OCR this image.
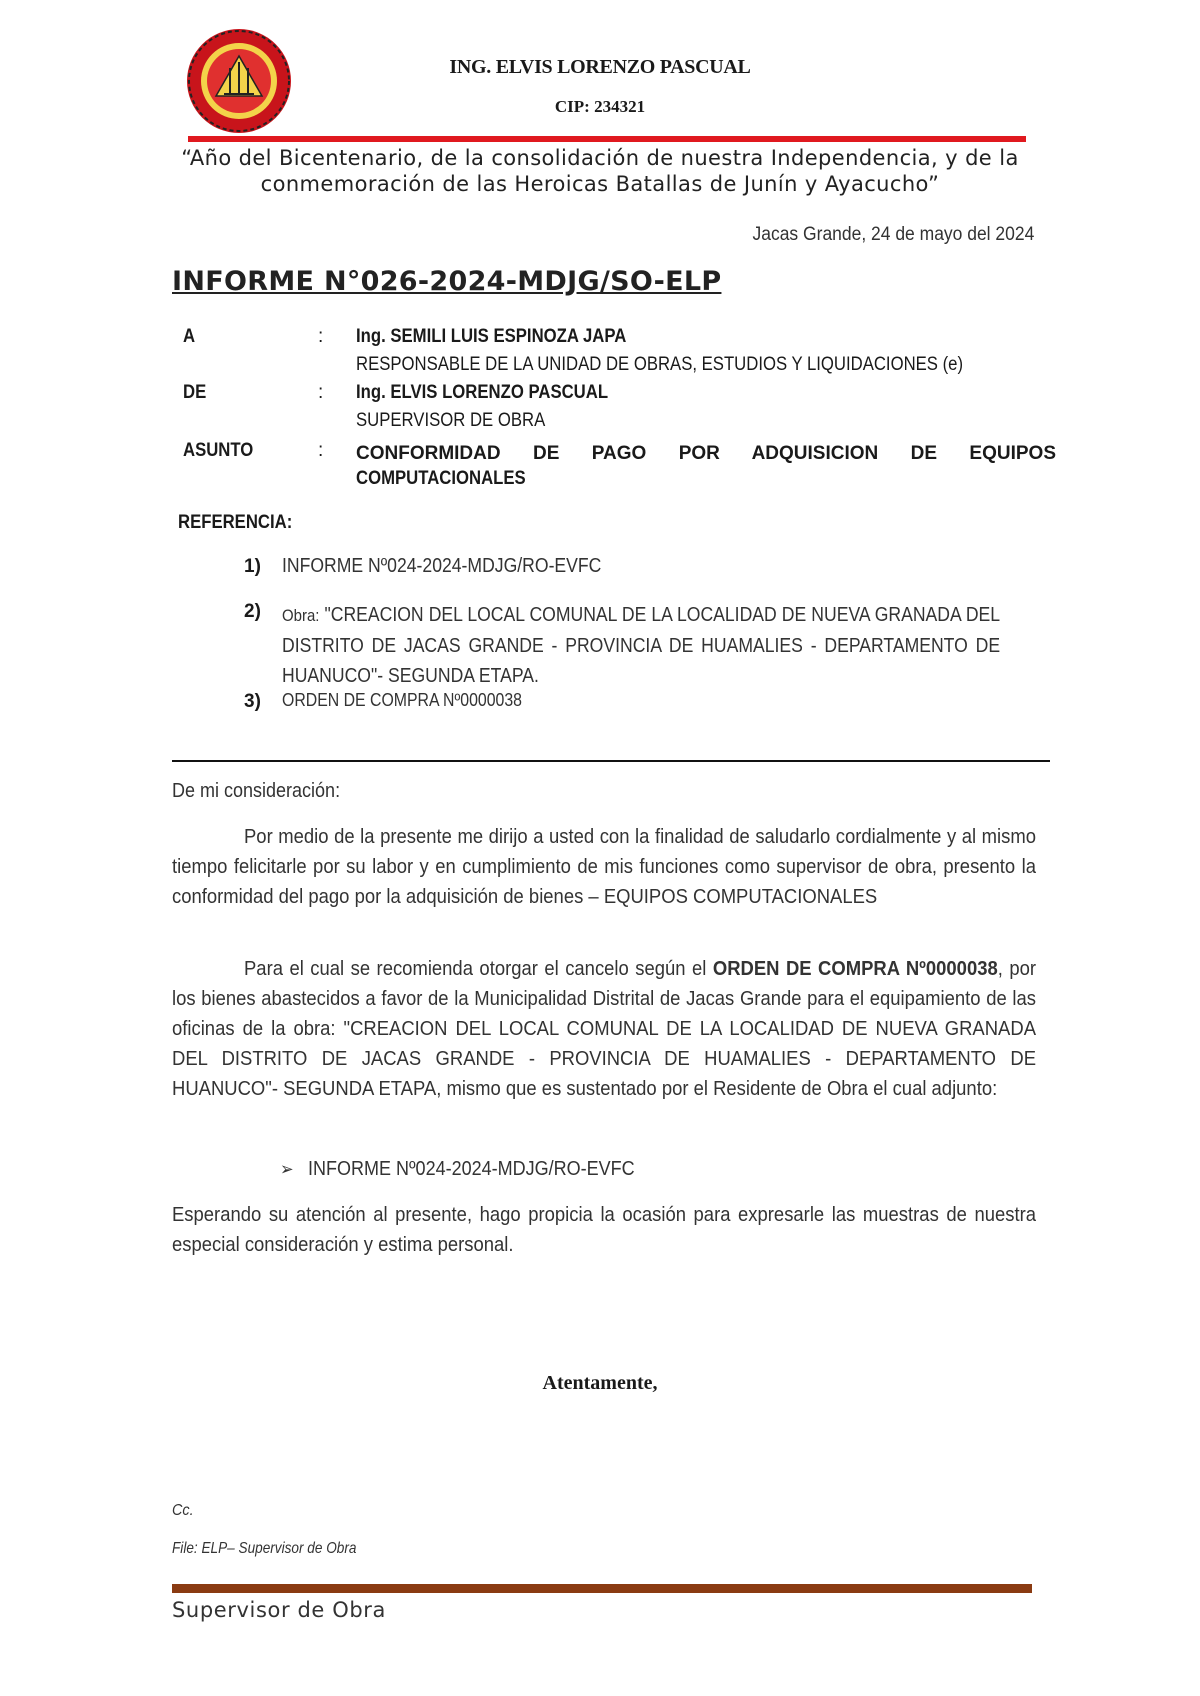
ING. ELVIS LORENZO PASCUAL
CIP: 234321
“Año del Bicentenario, de la consolidación de nuestra Independencia, y de la conmemoración de las Heroicas Batallas de Junín y Ayacucho”
Jacas Grande, 24 de mayo del 2024
INFORME N°026-2024-MDJG/SO-ELP
A	: Ing. SEMILI LUIS ESPINOZA JAPA
RESPONSABLE DE LA UNIDAD DE OBRAS, ESTUDIOS Y LIQUIDACIONES (e)
DE	: Ing. ELVIS LORENZO PASCUAL
SUPERVISOR DE OBRA
ASUNTO	: CONFORMIDAD DE PAGO POR ADQUISICION DE EQUIPOS
COMPUTACIONALES
REFERENCIA:
1) INFORME Nº024-2024-MDJG/RO-EVFC
2) Obra: "CREACION DEL LOCAL COMUNAL DE LA LOCALIDAD DE NUEVA GRANADA DEL DISTRITO DE JACAS GRANDE - PROVINCIA DE HUAMALIES - DEPARTAMENTO DE HUANUCO"- SEGUNDA ETAPA.
3) ORDEN DE COMPRA Nº0000038
De mi consideración:
Por medio de la presente me dirijo a usted con la finalidad de saludarlo cordialmente y al mismo tiempo felicitarle por su labor y en cumplimiento de mis funciones como supervisor de obra, presento la conformidad del pago por la adquisición de bienes – EQUIPOS COMPUTACIONALES
Para el cual se recomienda otorgar el cancelo según el ORDEN DE COMPRA Nº0000038, por los bienes abastecidos a favor de la Municipalidad Distrital de Jacas Grande para el equipamiento de las oficinas de la obra: "CREACION DEL LOCAL COMUNAL DE LA LOCALIDAD DE NUEVA GRANADA DEL DISTRITO DE JACAS GRANDE - PROVINCIA DE HUAMALIES - DEPARTAMENTO DE HUANUCO"- SEGUNDA ETAPA, mismo que es sustentado por el Residente de Obra el cual adjunto:
➢ INFORME Nº024-2024-MDJG/RO-EVFC
Esperando su atención al presente, hago propicia la ocasión para expresarle las muestras de nuestra especial consideración y estima personal.
Atentamente,
Cc.
File: ELP– Supervisor de Obra
Supervisor de Obra
